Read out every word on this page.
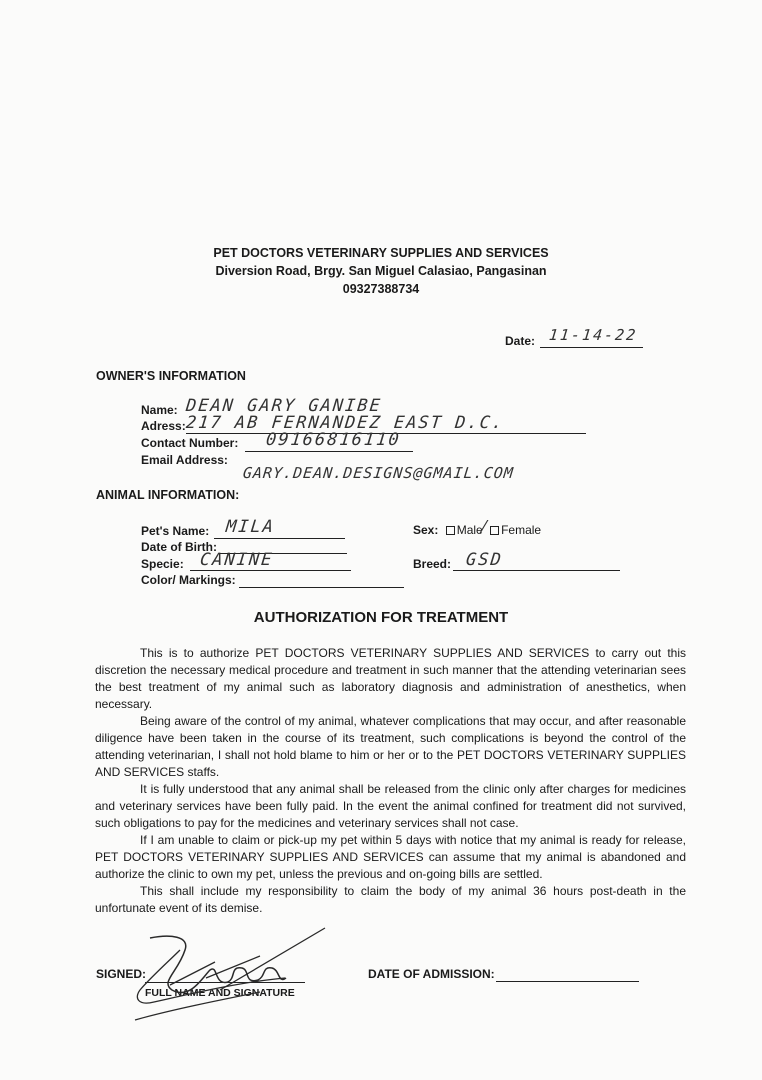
PET DOCTORS VETERINARY SUPPLIES AND SERVICES
Diversion Road, Brgy. San Miguel Calasiao, Pangasinan
09327388734
Date: 11-14-22
OWNER'S INFORMATION
Name: DEAN GARY GANIBE
Adress: 217 AB FERNANDEZ EAST D.C.
Contact Number: 09166816110
Email Address:
GARY.DEAN.DESIGNS@GMAIL.COM
ANIMAL INFORMATION:
Pet's Name: MILA
Date of Birth:
Specie: CANINE
Color/ Markings:
Sex: Male Female
⁄
Breed: GSD
AUTHORIZATION FOR TREATMENT

This is to authorize PET DOCTORS VETERINARY SUPPLIES AND SERVICES to carry out this discretion the necessary medical procedure and treatment in such manner that the attending veterinarian sees the best treatment of my animal such as laboratory diagnosis and administration of anesthetics, when necessary.

Being aware of the control of my animal, whatever complications that may occur, and after reasonable diligence have been taken in the course of its treatment, such complications is beyond the control of the attending veterinarian, I shall not hold blame to him or her or to the PET DOCTORS VETERINARY SUPPLIES AND SERVICES staffs.

It is fully understood that any animal shall be released from the clinic only after charges for medicines and veterinary services have been fully paid. In the event the animal confined for treatment did not survived, such obligations to pay for the medicines and veterinary services shall not case.

If I am unable to claim or pick-up my pet within 5 days with notice that my animal is ready for release, PET DOCTORS VETERINARY SUPPLIES AND SERVICES can assume that my animal is abandoned and authorize the clinic to own my pet, unless the previous and on-going bills are settled.

This shall include my responsibility to claim the body of my animal 36 hours post-death in the unfortunate event of its demise.

SIGNED:
FULL NAME AND SIGNATURE
DATE OF ADMISSION:
